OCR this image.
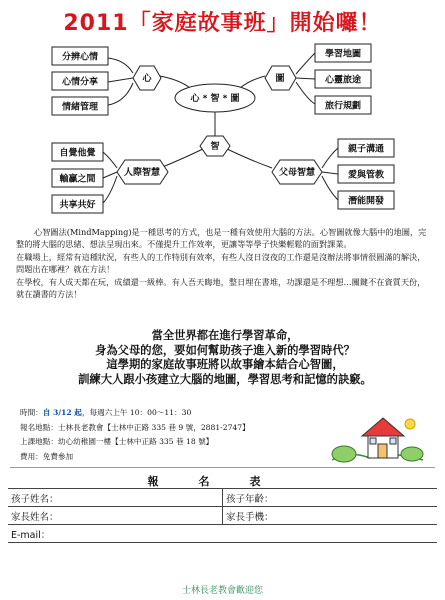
2011「家庭故事班」開始囉！
分辨心情
心情分享
情緒管理
心
心 * 智 * 圖
圖
學習地圖
心靈旅途
旅行規劃
智
人際智慧	父母智慧
自覺他覺
輸贏之間
共享共好
親子溝通
愛與管教
潛能開發

心智圖法(MindMapping)是一種思考的方式，也是一種有效使用大腦的方法。心智圖就像大腦中的地圖，完整的將大腦的思緒、想法呈現出來。不僅提升工作效率，更讓等等學子快樂輕鬆的面對課業。

在職場上，經常有這種狀況，有些人的工作特別有效率，有些人沒日沒夜的工作還是沒辦法將事情很圓滿的解決，問題出在哪裡？就在方法！

在學校，有人成天都在玩，成績還一級棒。有人吾天晦地，整日埋在書堆，功課還是不理想…關鍵不在資質天份，就在讀書的方法！

當全世界都在進行學習革命，
身為父母的您，要如何幫助孩子進入新的學習時代？
這學期的家庭故事班將以故事繪本結合心智圖，
訓練大人跟小孩建立大腦的地圖，學習思考和記憶的訣竅。
時間：自 3/12 起，每週六上午 10：00～11：30
報名地點：士林長老教會【士林中正路 335 巷 9 號，2881-2747】
上課地點：幼心幼稚園一樓【士林中正路 335 巷 18 號】
費用：免費參加
報名表
孩子姓名：	孩子年齡：
家長姓名：	家長手機：
E-mail：	
士林長老教會歡迎您
